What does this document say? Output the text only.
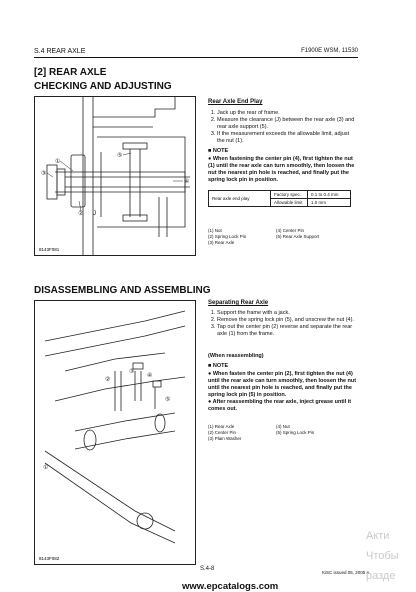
S.4 REAR AXLE	F1900E WSM, 11530
[2] REAR AXLE
CHECKING AND ADJUSTING
①
③
⑤
④
② J
8143F081
Rear Axle End Play
1. Jack up the rear of frame.
2. Measure the clearance (J) between the rear axle (3) and rear axle support (5).
3. If the measurement exceeds the allowable limit, adjust the nut (1).
■ NOTE
● When fastening the center pin (4), first tighten the nut (1) until the rear axle can turn smoothly, then loosen the nut the nearest pin hole is reached, and finally put the spring lock pin in position.
Rear axle end play	Factory spec.	0.1 to 0.4 mm
	Allowable limit	1.0 mm
(1) Nut	(4) Center Pin
(2) Spring Lock Pin	(5) Rear Axle Support
(3) Rear Axle
DISASSEMBLING AND ASSEMBLING
①
②
③
④
⑤
8143F082
Separating Rear Axle
1. Support the frame with a jack.
2. Remove the spring lock pin (5), and unscrew the nut (4).
3. Tap out the center pin (2) reverse and separate the rear axle (1) from the frame.
(When reassembling)
■ NOTE
● When fasten the center pin (2), first tighten the nut (4) until the rear axle can turn smoothly, then loosen the nut until the nearest pin hole is reached, and finally put the spring lock pin (5) in position.
● After reassembling the rear axle, inject grease until it comes out.
(1) Rear Axle	(4) Nut
(2) Center Pin	(5) Spring Lock Pin
(3) Plain Washer
S.4-8
KiSC issued 05, 2005 A
Акти
Чтобы
разде
www.epcatalogs.com
